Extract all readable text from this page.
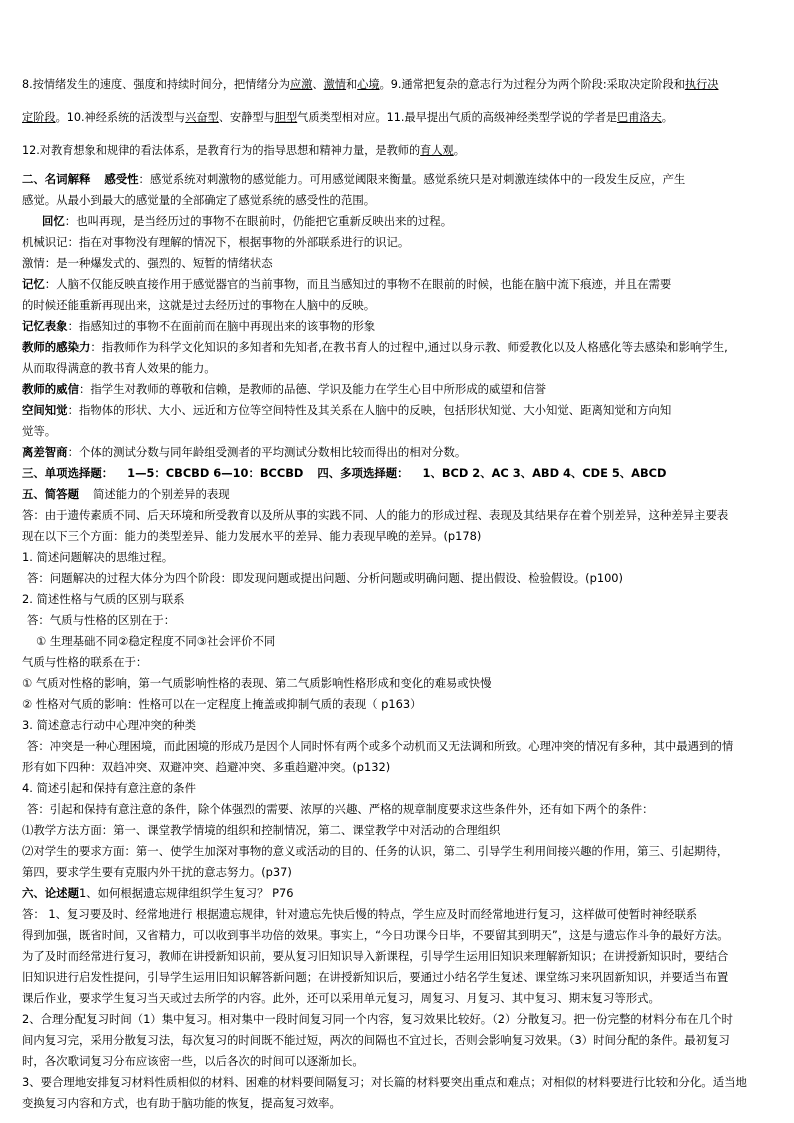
8.按情绪发生的速度、强度和持续时间分，把情绪分为应激、激情和心境。9.通常把复杂的意志行为过程分为两个阶段:采取决定阶段和执行决
定阶段。10.神经系统的活泼型与兴奋型、安静型与胆型气质类型相对应。11.最早提出气质的高级神经类型学说的学者是巴甫洛夫。
12.对教育想象和规律的看法体系，是教育行为的指导思想和精神力量，是教师的育人观。
二、名词解释 感受性：感觉系统对刺激物的感觉能力。可用感觉阈限来衡量。感觉系统只是对刺激连续体中的一段发生反应，产生
感觉。从最小到最大的感觉量的全部确定了感觉系统的感受性的范围。
回忆：也叫再现，是当经历过的事物不在眼前时，仍能把它重新反映出来的过程。
机械识记：指在对事物没有理解的情况下，根据事物的外部联系进行的识记。
激情：是一种爆发式的、强烈的、短暂的情绪状态
记忆：人脑不仅能反映直接作用于感觉器官的当前事物，而且当感知过的事物不在眼前的时候，也能在脑中流下痕迹，并且在需要
的时候还能重新再现出来，这就是过去经历过的事物在人脑中的反映。
记忆表象：指感知过的事物不在面前而在脑中再现出来的该事物的形象
教师的感染力：指教师作为科学文化知识的多知者和先知者,在教书育人的过程中,通过以身示教、师爱教化以及人格感化等去感染和影响学生,
从而取得满意的教书育人效果的能力。
教师的威信：指学生对教师的尊敬和信赖，是教师的品德、学识及能力在学生心目中所形成的威望和信誉
空间知觉：指物体的形状、大小、远近和方位等空间特性及其关系在人脑中的反映，包括形状知觉、大小知觉、距离知觉和方向知
觉等。
离差智商：个体的测试分数与同年龄组受测者的平均测试分数相比较而得出的相对分数。
三、单项选择题： 1—5：CBCBD 6—10：BCCBD 四、多项选择题： 1、BCD 2、AC 3、ABD 4、CDE 5、ABCD
五、简答题 简述能力的个别差异的表现
答：由于遗传素质不同、后天环境和所受教育以及所从事的实践不同、人的能力的形成过程、表现及其结果存在着个别差异，这种差异主要表
现在以下三个方面：能力的类型差异、能力发展水平的差异、能力表现早晚的差异。(p178)
1. 简述问题解决的思维过程。
答：问题解决的过程大体分为四个阶段：即发现问题或提出问题、分析问题或明确问题、提出假设、检验假设。(p100)
2. 简述性格与气质的区别与联系
答：气质与性格的区别在于：
① 生理基础不同②稳定程度不同③社会评价不同
气质与性格的联系在于：
① 气质对性格的影响，第一气质影响性格的表现、第二气质影响性格形成和变化的难易或快慢
② 性格对气质的影响：性格可以在一定程度上掩盖或抑制气质的表现（ p163）
3. 简述意志行动中心理冲突的种类
答：冲突是一种心理困境，而此困境的形成乃是因个人同时怀有两个或多个动机而又无法调和所致。心理冲突的情况有多种，其中最遇到的情
形有如下四种：双趋冲突、双避冲突、趋避冲突、多重趋避冲突。(p132)
4. 简述引起和保持有意注意的条件
答：引起和保持有意注意的条件，除个体强烈的需要、浓厚的兴趣、严格的规章制度要求这些条件外，还有如下两个的条件：
⑴教学方法方面：第一、课堂教学情境的组织和控制情况，第二、课堂教学中对活动的合理组织
⑵对学生的要求方面：第一、使学生加深对事物的意义或活动的目的、任务的认识，第二、引导学生利用间接兴趣的作用，第三、引起期待，
第四，要求学生要有克服内外干扰的意志努力。(p37)
六、论述题1、如何根据遗忘规律组织学生复习？ P76
答： 1、复习要及时、经常地进行 根据遗忘规律，针对遗忘先快后慢的特点，学生应及时而经常地进行复习，这样做可使暂时神经联系
得到加强，既省时间，又省精力，可以收到事半功倍的效果。事实上，“今日功课今日毕，不要留其到明天”，这是与遗忘作斗争的最好方法。
为了及时而经常进行复习，教师在讲授新知识前，要从复习旧知识导入新课程，引导学生运用旧知识来理解新知识；在讲授新知识时，要结合
旧知识进行启发性提问，引导学生运用旧知识解答新问题；在讲授新知识后，要通过小结名学生复述、课堂练习来巩固新知识，并要适当布置
课后作业，要求学生复习当天或过去所学的内容。此外，还可以采用单元复习，周复习、月复习、其中复习、期末复习等形式。
2、合理分配复习时间（1）集中复习。相对集中一段时间复习同一个内容，复习效果比较好。（2）分散复习。把一份完整的材料分布在几个时
间内复习完，采用分散复习法，每次复习的时间既不能过短，两次的间隔也不宜过长，否则会影响复习效果。（3）时间分配的条件。最初复习
时，各次歌词复习分布应该密一些，以后各次的时间可以逐渐加长。
3、要合理地安排复习材料性质相似的材料、困难的材料要间隔复习；对长篇的材料要突出重点和难点；对相似的材料要进行比较和分化。适当地
变换复习内容和方式，也有助于脑功能的恢复，提高复习效率。
